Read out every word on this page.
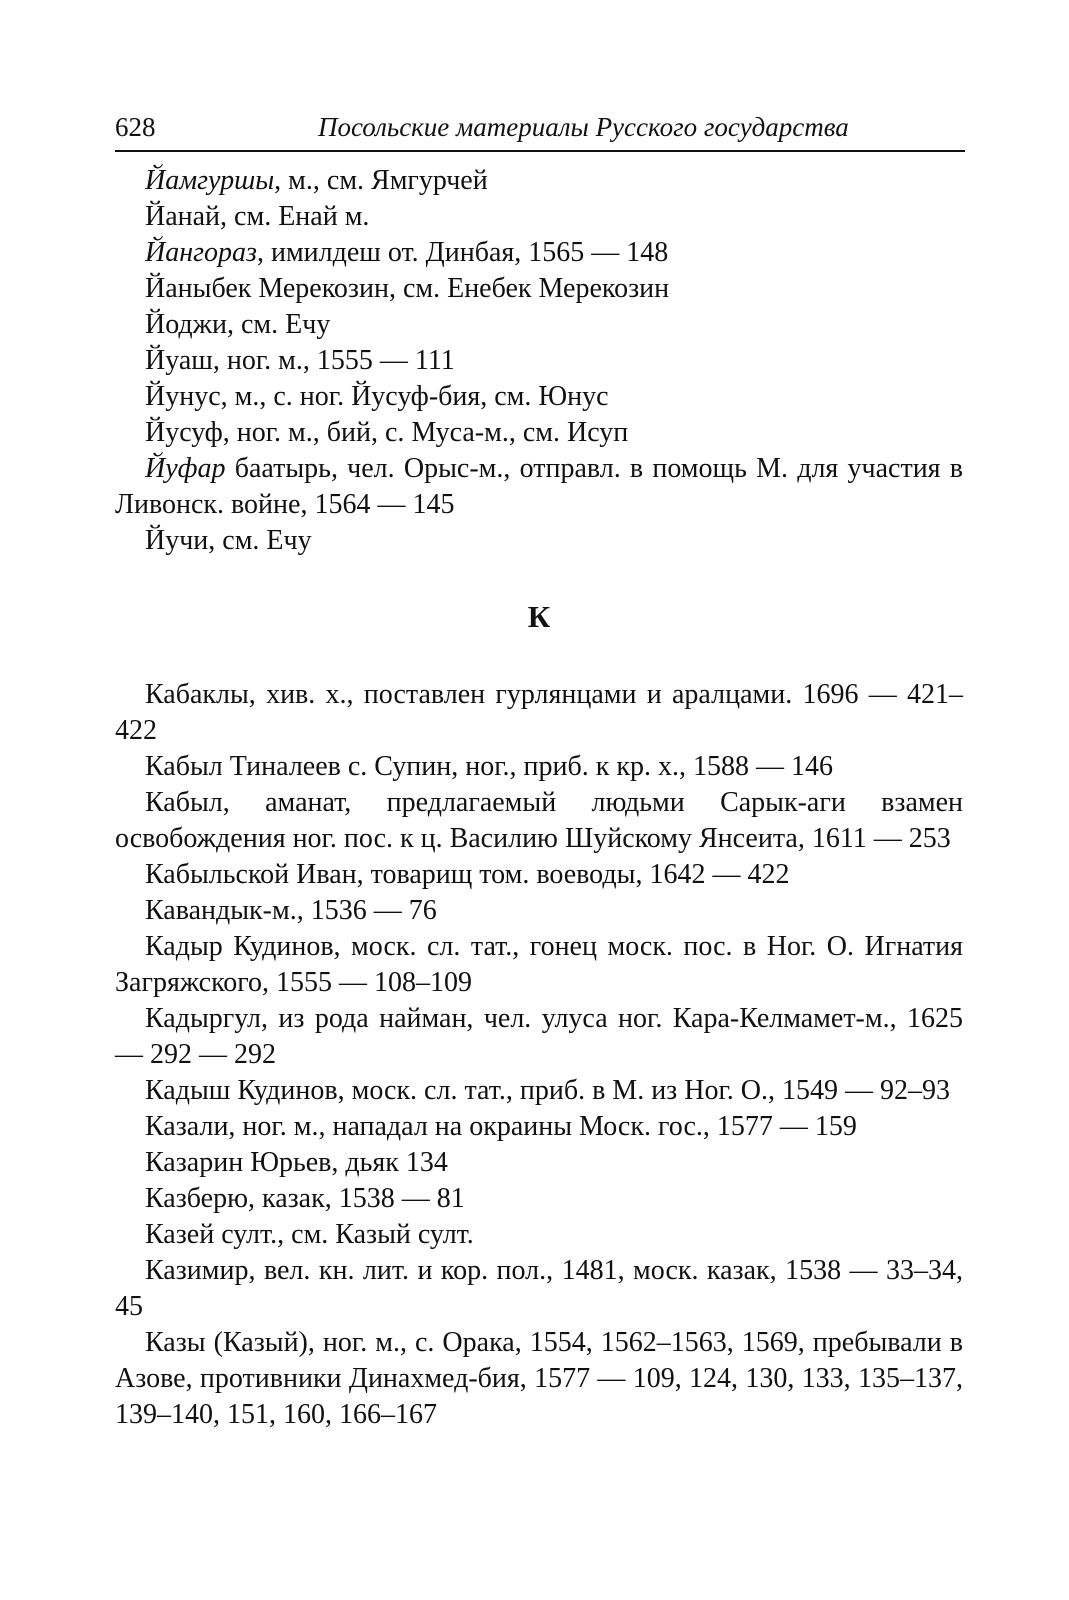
628	Посольские материалы Русского государства

Йамгуршы, м., см. Ямгурчей

Йанай, см. Енай м.

Йангораз, имилдеш от. Динбая, 1565 — 148

Йаныбек Мерекозин, см. Енебек Мерекозин

Йоджи, см. Ечу

Йуаш, ног. м., 1555 — 111

Йунус, м., с. ног. Йусуф-бия, см. Юнус

Йусуф, ног. м., бий, с. Муса-м., см. Исуп

Йуфар баатырь, чел. Орыс-м., отправл. в помощь М. для участия в Ливонск. войне, 1564 — 145

Йучи, см. Ечу

К

Кабаклы, хив. х., поставлен гурлянцами и аралцами. 1696 — 421–422

Кабыл Тиналеев с. Супин, ног., приб. к кр. х., 1588 — 146

Кабыл, аманат, предлагаемый людьми Сарык-аги взамен освобождения ног. пос. к ц. Василию Шуйскому Янсеита, 1611 — 253

Кабыльской Иван, товарищ том. воеводы, 1642 — 422

Кавандык-м., 1536 — 76

Кадыр Кудинов, моск. сл. тат., гонец моск. пос. в Ног. О. Игнатия Загряжского, 1555 — 108–109

Кадыргул, из рода найман, чел. улуса ног. Кара-Келмамет-м., 1625 — 292 — 292

Кадыш Кудинов, моск. сл. тат., приб. в М. из Ног. О., 1549 — 92–93

Казали, ног. м., нападал на окраины Моск. гос., 1577 — 159

Казарин Юрьев, дьяк 134

Казберю, казак, 1538 — 81

Казей султ., см. Казый султ.

Казимир, вел. кн. лит. и кор. пол., 1481, моск. казак, 1538 — 33–34, 45

Казы (Казый), ног. м., с. Орака, 1554, 1562–1563, 1569, пребывали в Азове, противники Динахмед-бия, 1577 — 109, 124, 130, 133, 135–137, 139–140, 151, 160, 166–167
